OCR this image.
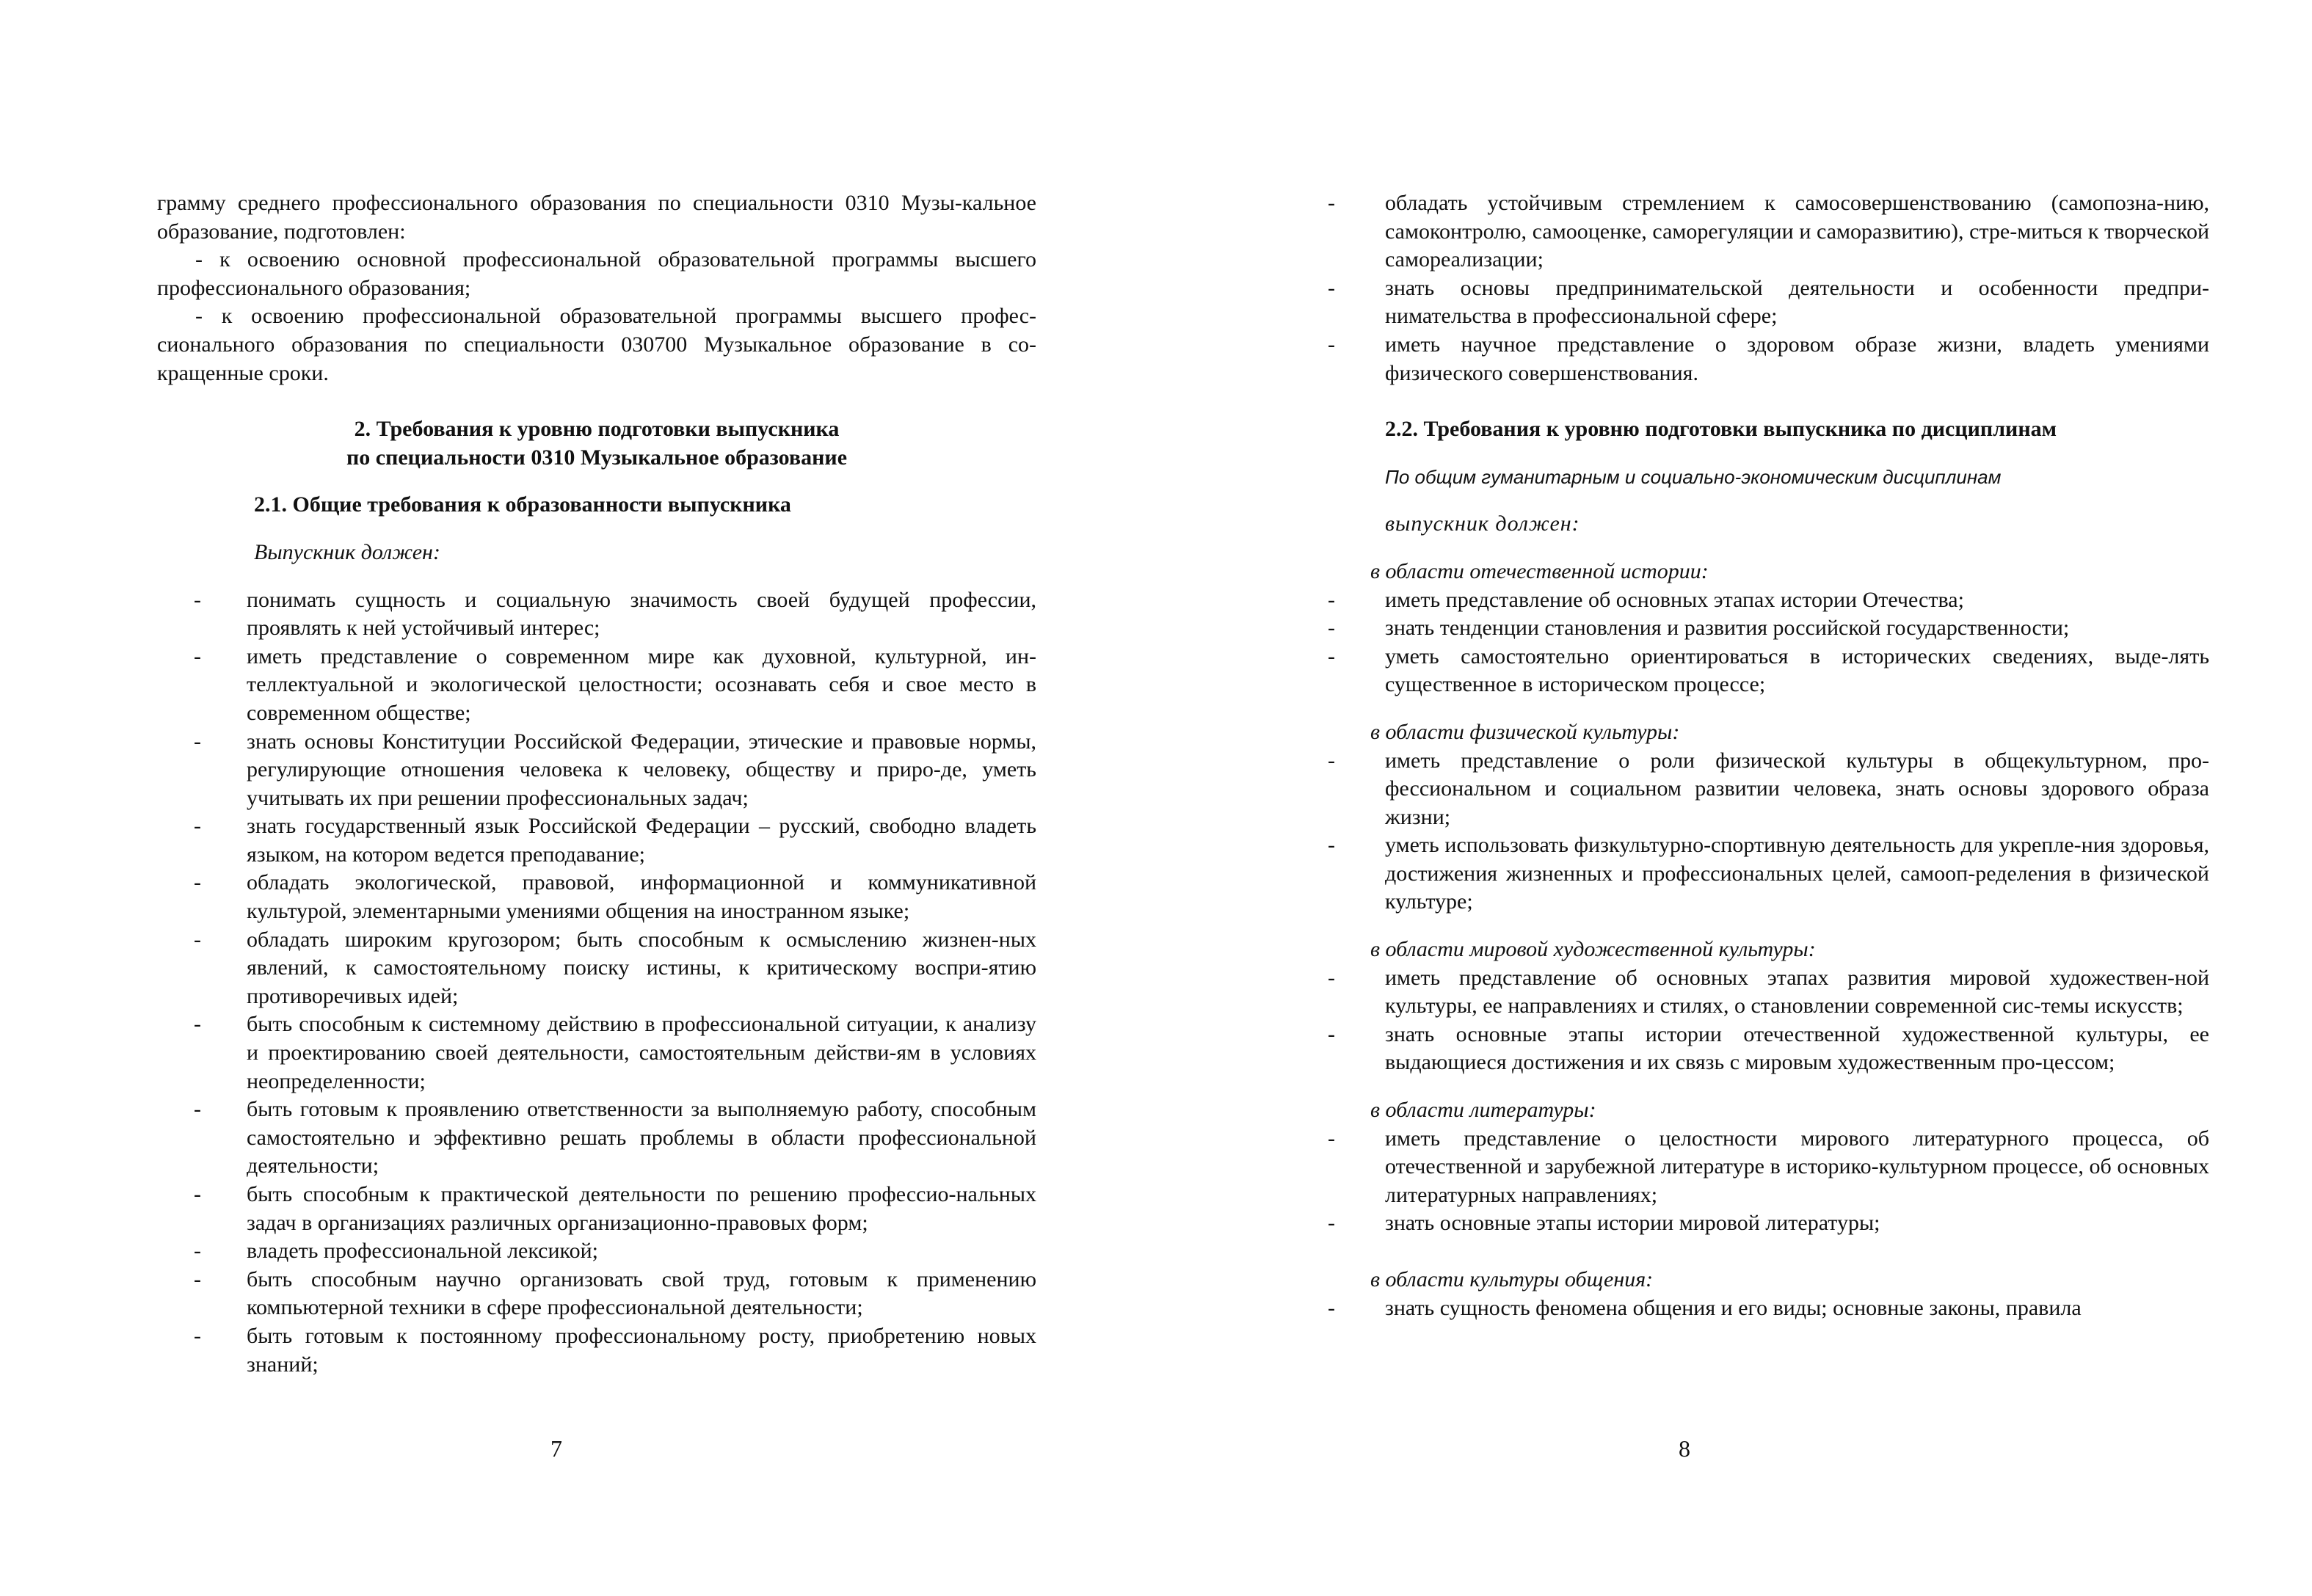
грамму среднего профессионального образования по специальности 0310 Музы-кальное образование, подготовлен:

- к освоению основной профессиональной образовательной программы высшего профессионального образования;

- к освоению профессиональной образовательной программы высшего профес-сионального образования по специальности 030700 Музыкальное образование в со-кращенные сроки.

2. Требования к уровню подготовки выпускника

по специальности 0310 Музыкальное образование

2.1. Общие требования к образованности выпускника

Выпускник должен:

- понимать сущность и социальную значимость своей будущей профессии, проявлять к ней устойчивый интерес;
- иметь представление о современном мире как духовной, культурной, ин-теллектуальной и экологической целостности; осознавать себя и свое место в современном обществе;
- знать основы Конституции Российской Федерации, этические и правовые нормы, регулирующие отношения человека к человеку, обществу и приро-де, уметь учитывать их при решении профессиональных задач;
- знать государственный язык Российской Федерации – русский, свободно владеть языком, на котором ведется преподавание;
- обладать экологической, правовой, информационной и коммуникативной культурой, элементарными умениями общения на иностранном языке;
- обладать широким кругозором; быть способным к осмыслению жизнен-ных явлений, к самостоятельному поиску истины, к критическому воспри-ятию противоречивых идей;
- быть способным к системному действию в профессиональной ситуации, к анализу и проектированию своей деятельности, самостоятельным действи-ям в условиях неопределенности;
- быть готовым к проявлению ответственности за выполняемую работу, способным самостоятельно и эффективно решать проблемы в области профессиональной деятельности;
- быть способным к практической деятельности по решению профессио-нальных задач в организациях различных организационно-правовых форм;
- владеть профессиональной лексикой;
- быть способным научно организовать свой труд, готовым к применению компьютерной техники в сфере профессиональной деятельности;
- быть готовым к постоянному профессиональному росту, приобретению новых знаний;
7
- обладать устойчивым стремлением к самосовершенствованию (самопозна-нию, самоконтролю, самооценке, саморегуляции и саморазвитию), стре-миться к творческой самореализации;
- знать основы предпринимательской деятельности и особенности предпри-нимательства в профессиональной сфере;
- иметь научное представление о здоровом образе жизни, владеть умениями физического совершенствования.

2.2. Требования к уровню подготовки выпускника по дисциплинам

По общим гуманитарным и социально-экономическим дисциплинам

выпускник должен:

в области отечественной истории:

- иметь представление об основных этапах истории Отечества;
- знать тенденции становления и развития российской государственности;
- уметь самостоятельно ориентироваться в исторических сведениях, выде-лять существенное в историческом процессе;

в области физической культуры:

- иметь представление о роли физической культуры в общекультурном, про-фессиональном и социальном развитии человека, знать основы здорового образа жизни;
- уметь использовать физкультурно-спортивную деятельность для укрепле-ния здоровья, достижения жизненных и профессиональных целей, самооп-ределения в физической культуре;

в области мировой художественной культуры:

- иметь представление об основных этапах развития мировой художествен-ной культуры, ее направлениях и стилях, о становлении современной сис-темы искусств;
- знать основные этапы истории отечественной художественной культуры, ее выдающиеся достижения и их связь с мировым художественным про-цессом;

в области литературы:

- иметь представление о целостности мирового литературного процесса, об отечественной и зарубежной литературе в историко-культурном процессе, об основных литературных направлениях;
- знать основные этапы истории мировой литературы;

в области культуры общения:

- знать сущность феномена общения и его виды; основные законы, правила
8
